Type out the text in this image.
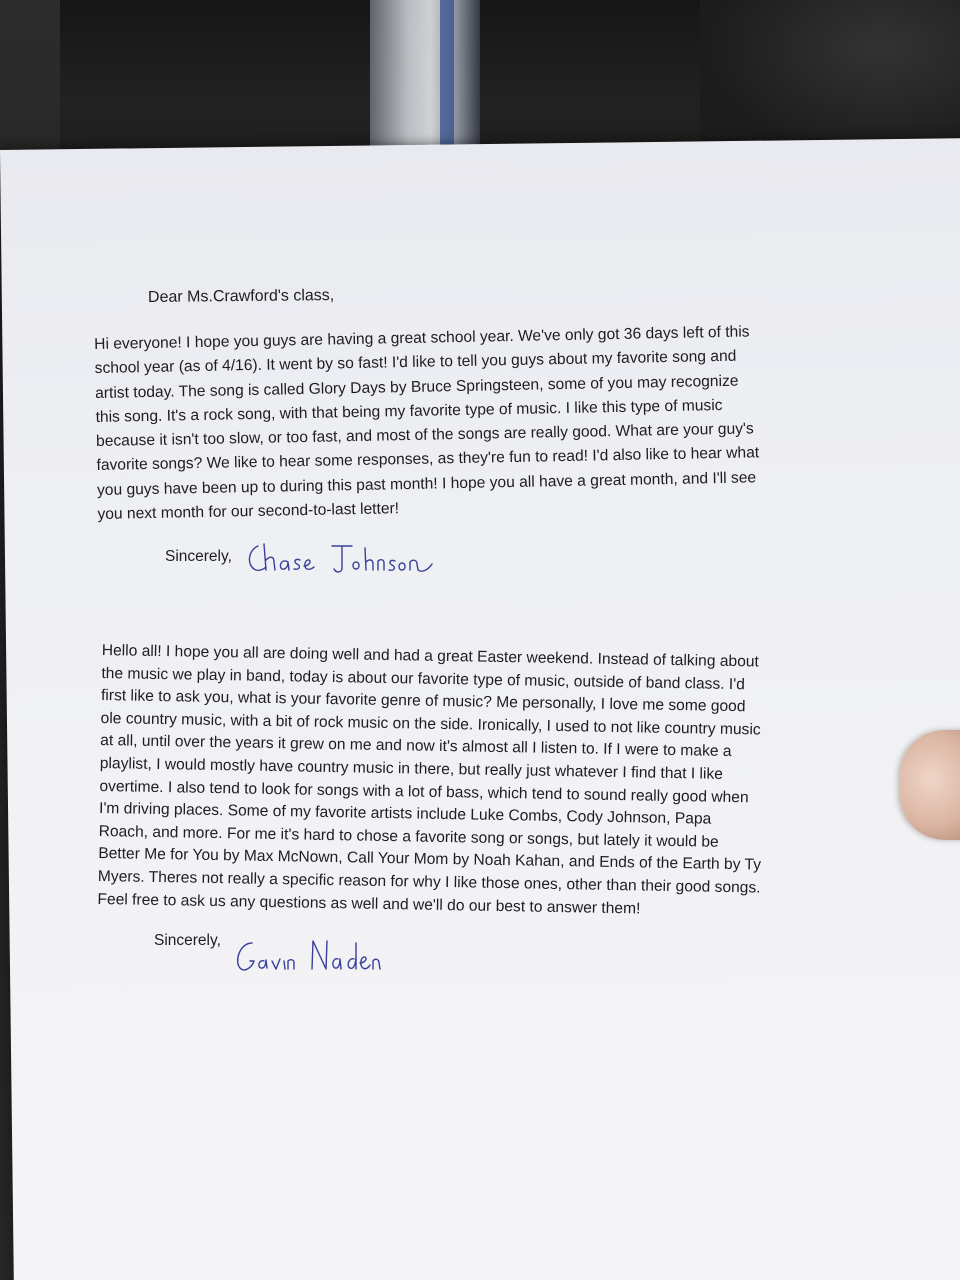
Dear Ms.Crawford's class,

Hi everyone! I hope you guys are having a great school year. We've only got 36 days left of this
school year (as of 4/16). It went by so fast! I'd like to tell you guys about my favorite song and
artist today. The song is called Glory Days by Bruce Springsteen, some of you may recognize
this song. It's a rock song, with that being my favorite type of music. I like this type of music
because it isn't too slow, or too fast, and most of the songs are really good. What are your guy's
favorite songs? We like to hear some responses, as they're fun to read! I'd also like to hear what
you guys have been up to during this past month! I hope you all have a great month, and I'll see
you next month for our second-to-last letter!

Sincerely,

Hello all! I hope you all are doing well and had a great Easter weekend. Instead of talking about
the music we play in band, today is about our favorite type of music, outside of band class. I'd
first like to ask you, what is your favorite genre of music? Me personally, I love me some good
ole country music, with a bit of rock music on the side. Ironically, I used to not like country music
at all, until over the years it grew on me and now it's almost all I listen to. If I were to make a
playlist, I would mostly have country music in there, but really just whatever I find that I like
overtime. I also tend to look for songs with a lot of bass, which tend to sound really good when
I'm driving places. Some of my favorite artists include Luke Combs, Cody Johnson, Papa
Roach, and more. For me it's hard to chose a favorite song or songs, but lately it would be
Better Me for You by Max McNown, Call Your Mom by Noah Kahan, and Ends of the Earth by Ty
Myers. Theres not really a specific reason for why I like those ones, other than their good songs.
Feel free to ask us any questions as well and we'll do our best to answer them!

Sincerely,
